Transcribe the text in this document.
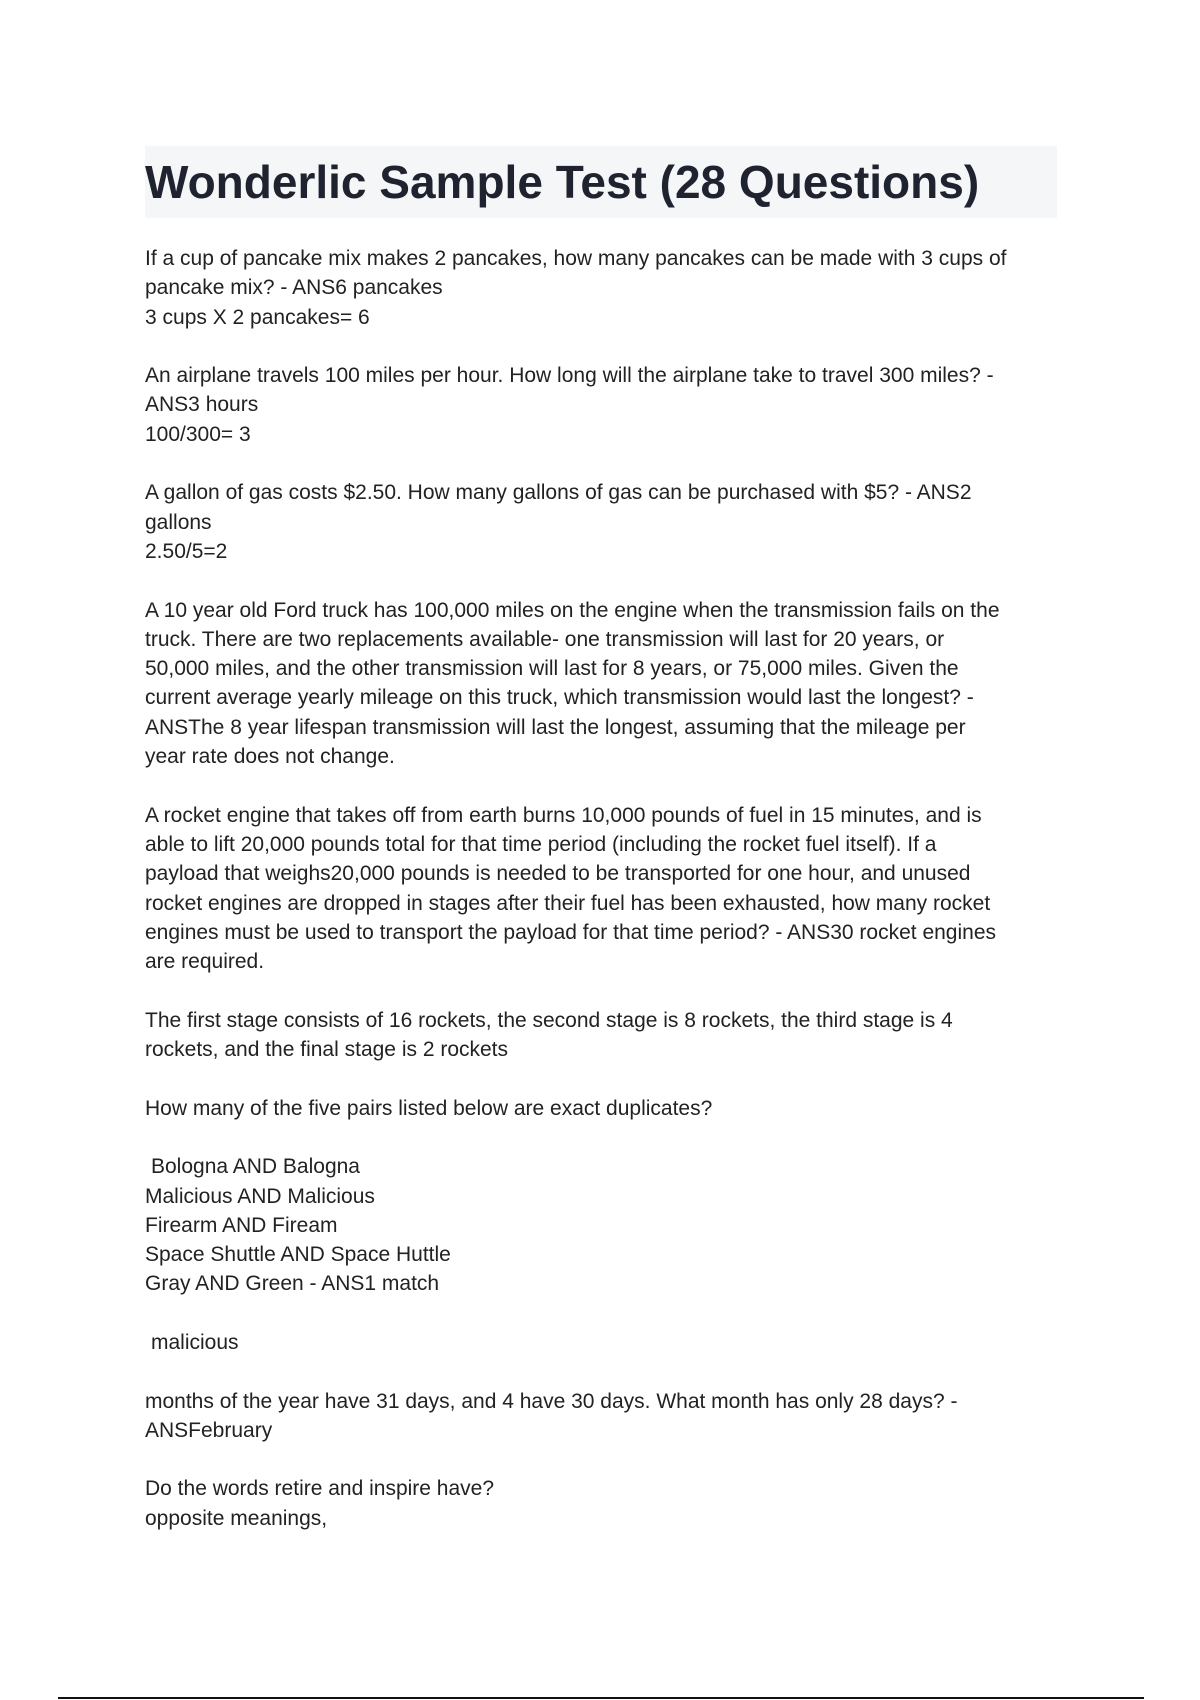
Wonderlic Sample Test (28 Questions)

If a cup of pancake mix makes 2 pancakes, how many pancakes can be made with 3 cups of
pancake mix? - ANS6 pancakes
3 cups X 2 pancakes= 6

An airplane travels 100 miles per hour. How long will the airplane take to travel 300 miles? -
ANS3 hours
100/300= 3

A gallon of gas costs $2.50. How many gallons of gas can be purchased with $5? - ANS2
gallons
2.50/5=2

A 10 year old Ford truck has 100,000 miles on the engine when the transmission fails on the
truck. There are two replacements available- one transmission will last for 20 years, or
50,000 miles, and the other transmission will last for 8 years, or 75,000 miles. Given the
current average yearly mileage on this truck, which transmission would last the longest? -
ANSThe 8 year lifespan transmission will last the longest, assuming that the mileage per
year rate does not change.

A rocket engine that takes off from earth burns 10,000 pounds of fuel in 15 minutes, and is
able to lift 20,000 pounds total for that time period (including the rocket fuel itself). If a
payload that weighs20,000 pounds is needed to be transported for one hour, and unused
rocket engines are dropped in stages after their fuel has been exhausted, how many rocket
engines must be used to transport the payload for that time period? - ANS30 rocket engines
are required.

The first stage consists of 16 rockets, the second stage is 8 rockets, the third stage is 4
rockets, and the final stage is 2 rockets

How many of the five pairs listed below are exact duplicates?

Bologna AND Balogna
Malicious AND Malicious
Firearm AND Fiream
Space Shuttle AND Space Huttle
Gray AND Green - ANS1 match

malicious

months of the year have 31 days, and 4 have 30 days. What month has only 28 days? -
ANSFebruary

Do the words retire and inspire have?
opposite meanings,
